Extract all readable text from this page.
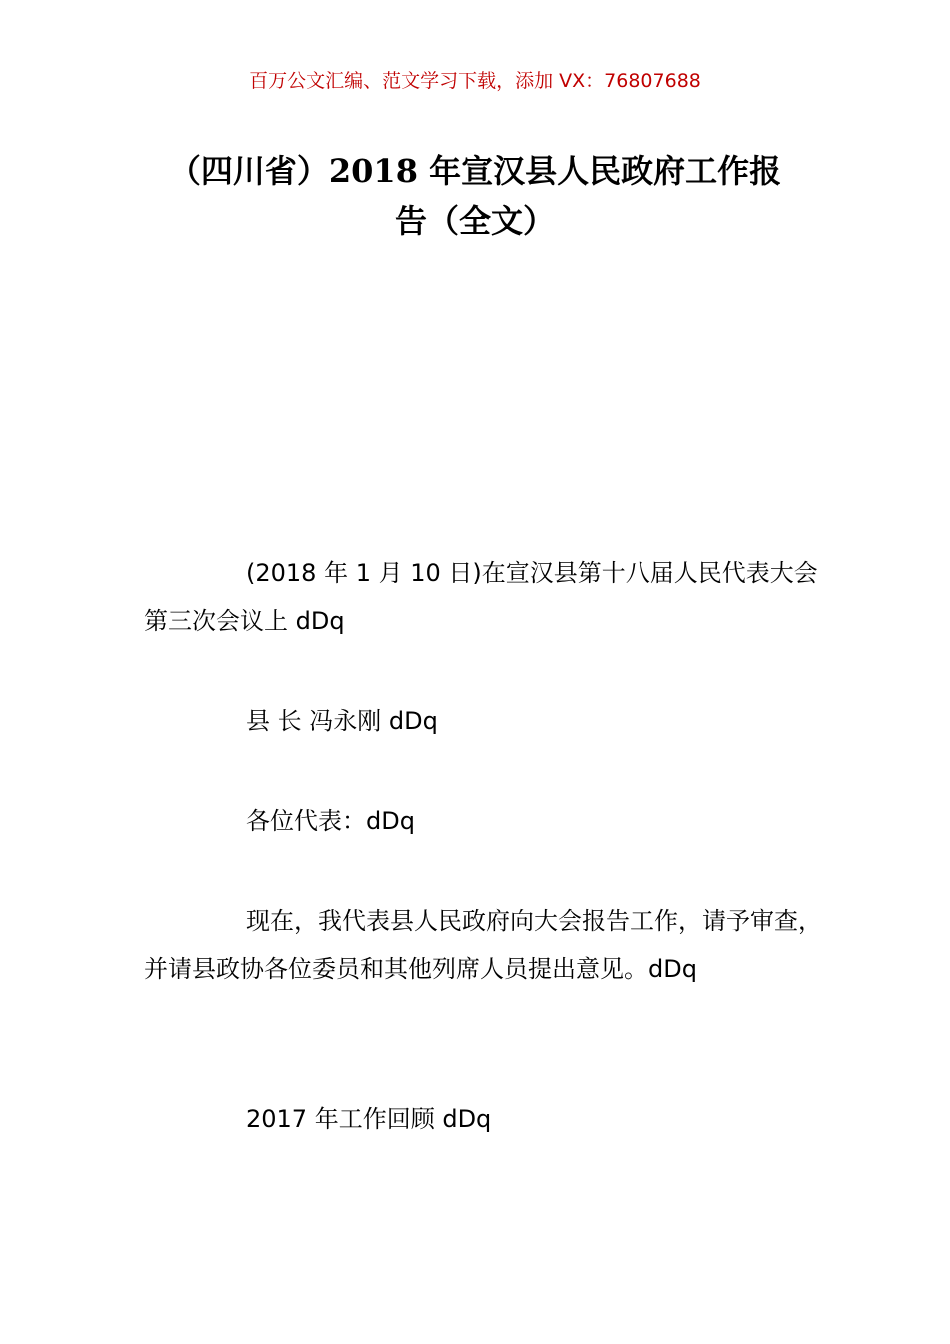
百万公文汇编、范文学习下载，添加 VX：76807688
（四川省）2018 年宣汉县人民政府工作报
告（全文）

(2018 年 1 月 10 日)在宣汉县第十八届人民代表大会第三次会议上 dDq

县 长 冯永刚 dDq

各位代表：dDq

现在，我代表县人民政府向大会报告工作，请予审查，并请县政协各位委员和其他列席人员提出意见。dDq

2017 年工作回顾 dDq
